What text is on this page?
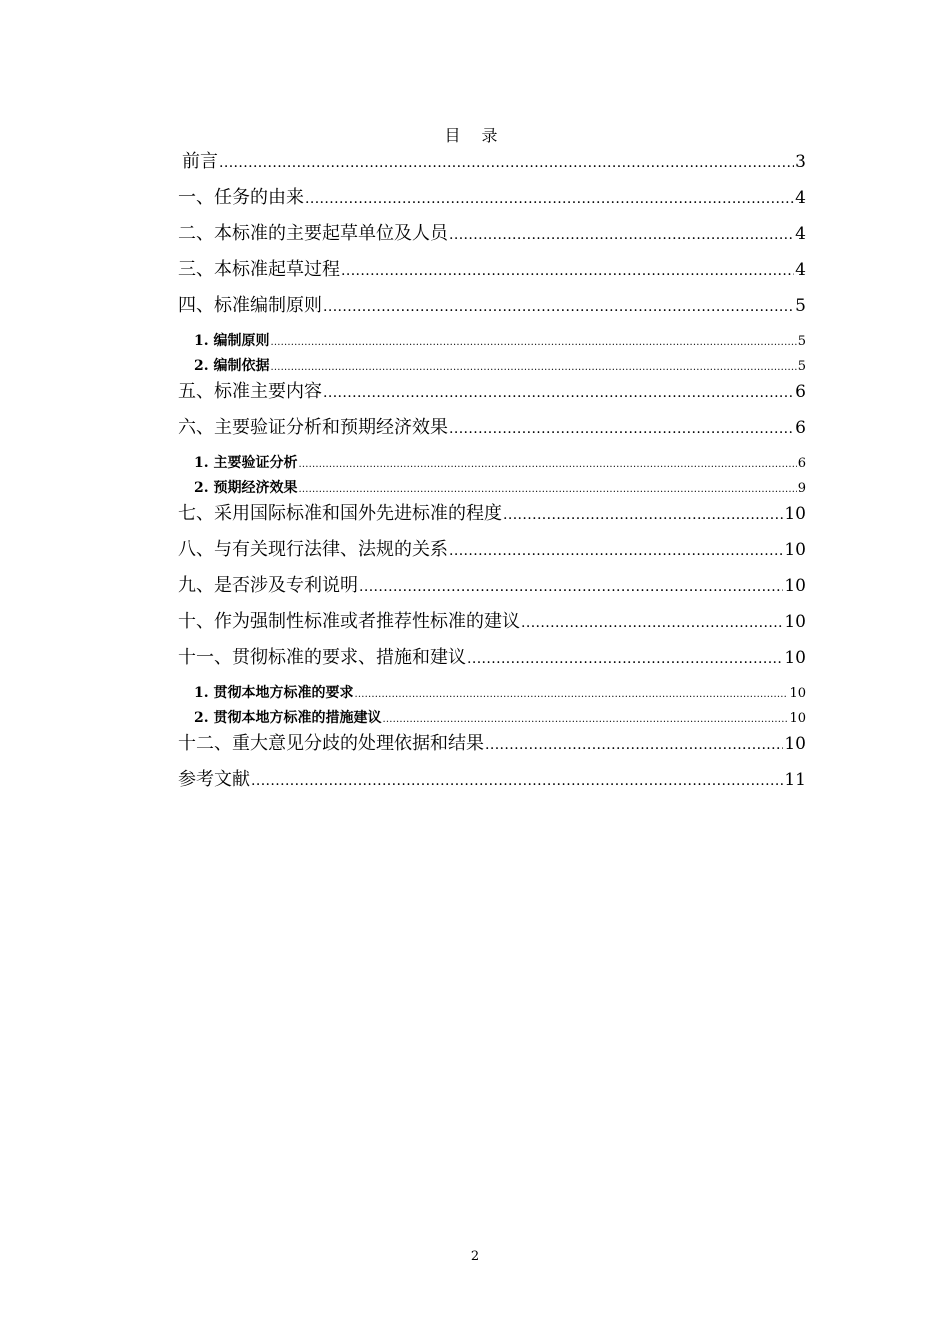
目 录
前言 .....	3
一、任务的由来 .....	4
二、本标准的主要起草单位及人员 .....	4
三、本标准起草过程 .....	4
四、标准编制原则 .....	5
1. 编制原则 .....	5
2. 编制依据 .....	5
五、标准主要内容 .....	6
六、主要验证分析和预期经济效果 .....	6
1. 主要验证分析 .....	6
2. 预期经济效果 .....	9
七、采用国际标准和国外先进标准的程度 .....	10
八、与有关现行法律、法规的关系 .....	10
九、是否涉及专利说明 .....	10
十、作为强制性标准或者推荐性标准的建议 .....	10
十一、贯彻标准的要求、措施和建议 .....	10
1. 贯彻本地方标准的要求 .....	10
2. 贯彻本地方标准的措施建议 .....	10
十二、重大意见分歧的处理依据和结果 .....	10
参考文献 .....	11
2
